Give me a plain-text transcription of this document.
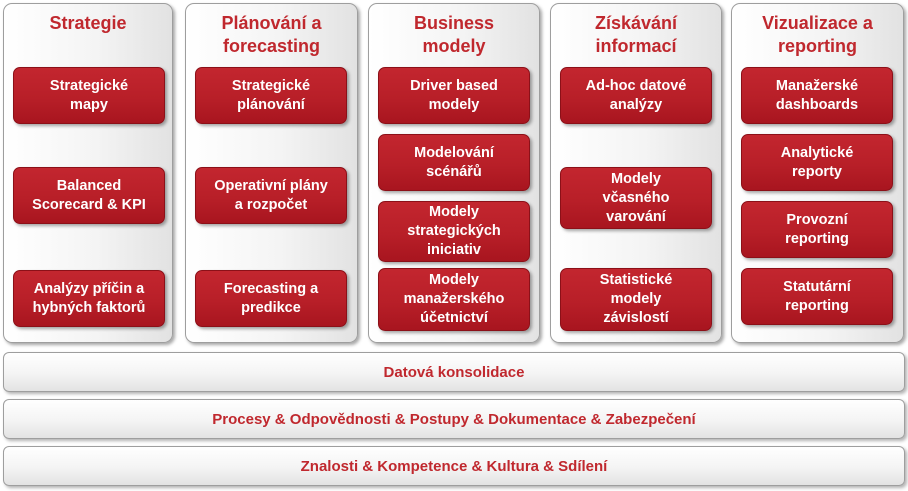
Strategie
Strategické
mapy
Balanced
Scorecard & KPI
Analýzy příčin a
hybných faktorů
Plánování a
forecasting
Strategické
plánování
Operativní plány
a rozpočet
Forecasting a
predikce
Business
modely
Driver based
modely
Modelování
scénářů
Modely
strategických
iniciativ
Modely
manažerského
účetnictví
Získávání
informací
Ad-hoc datové
analýzy
Modely
včasného
varování
Statistické
modely
závislostí
Vizualizace a
reporting
Manažerské
dashboards
Analytické
reporty
Provozní
reporting
Statutární
reporting
Datová konsolidace
Procesy & Odpovědnosti & Postupy & Dokumentace & Zabezpečení
Znalosti & Kompetence & Kultura & Sdílení
